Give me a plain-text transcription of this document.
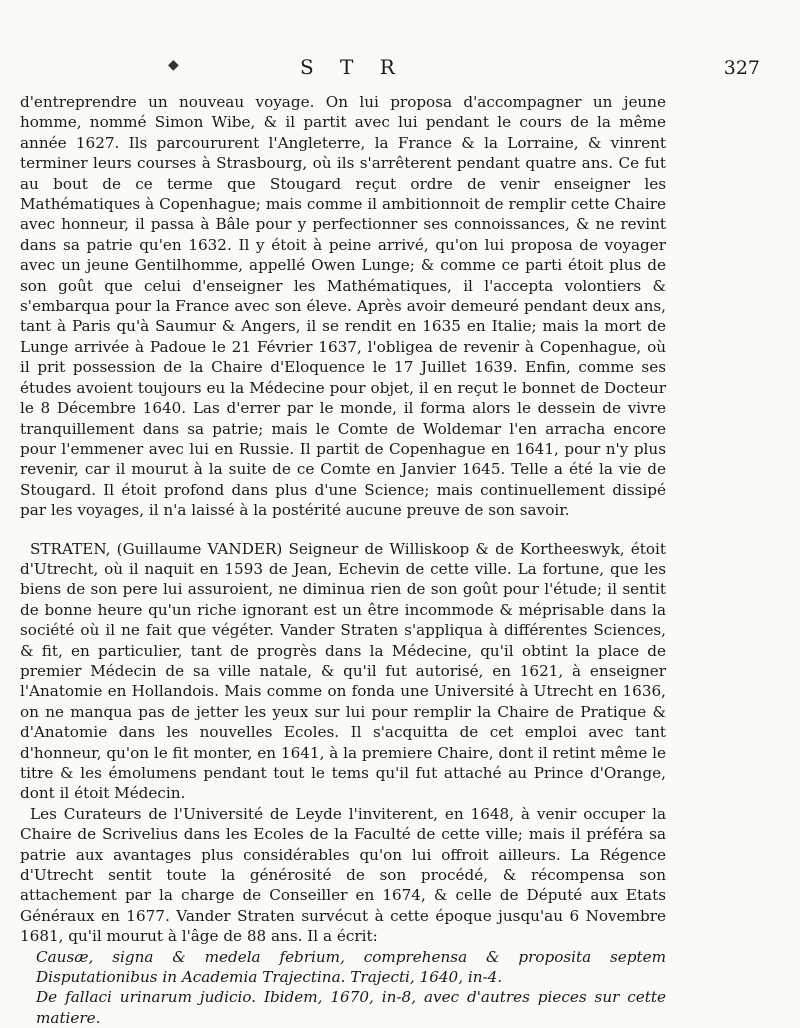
◆	S T R	327

d'entreprendre un nouveau voyage. On lui proposa d'accompagner un jeune homme, nommé Simon Wibe, & il partit avec lui pendant le cours de la même année 1627. Ils parcoururent l'Angleterre, la France & la Lorraine, & vinrent terminer leurs courses à Strasbourg, où ils s'arrêterent pendant quatre ans. Ce fut au bout de ce terme que Stougard reçut ordre de venir enseigner les Mathématiques à Copenhague; mais comme il ambitionnoit de remplir cette Chaire avec honneur, il passa à Bâle pour y perfectionner ses connoissances, & ne revint dans sa patrie qu'en 1632. Il y étoit à peine arrivé, qu'on lui proposa de voyager avec un jeune Gentilhomme, appellé Owen Lunge; & comme ce parti étoit plus de son goût que celui d'enseigner les Mathématiques, il l'accepta volontiers & s'embarqua pour la France avec son éleve. Après avoir demeuré pendant deux ans, tant à Paris qu'à Saumur & Angers, il se rendit en 1635 en Italie; mais la mort de Lunge arrivée à Padoue le 21 Février 1637, l'obligea de revenir à Copenhague, où il prit possession de la Chaire d'Eloquence le 17 Juillet 1639. Enfin, comme ses études avoient toujours eu la Médecine pour objet, il en reçut le bonnet de Docteur le 8 Décembre 1640. Las d'errer par le monde, il forma alors le dessein de vivre tranquillement dans sa patrie; mais le Comte de Woldemar l'en arracha encore pour l'emmener avec lui en Russie. Il partit de Copenhague en 1641, pour n'y plus revenir, car il mourut à la suite de ce Comte en Janvier 1645. Telle a été la vie de Stougard. Il étoit profond dans plus d'une Science; mais continuellement dissipé par les voyages, il n'a laissé à la postérité aucune preuve de son savoir.

STRATEN, (Guillaume VANDER) Seigneur de Williskoop & de Kortheeswyk, étoit d'Utrecht, où il naquit en 1593 de Jean, Echevin de cette ville. La fortune, que les biens de son pere lui assuroient, ne diminua rien de son goût pour l'étude; il sentit de bonne heure qu'un riche ignorant est un être incommode & méprisable dans la société où il ne fait que végéter. Vander Straten s'appliqua à différentes Sciences, & fit, en particulier, tant de progrès dans la Médecine, qu'il obtint la place de premier Médecin de sa ville natale, & qu'il fut autorisé, en 1621, à enseigner l'Anatomie en Hollandois. Mais comme on fonda une Université à Utrecht en 1636, on ne manqua pas de jetter les yeux sur lui pour remplir la Chaire de Pratique & d'Anatomie dans les nouvelles Ecoles. Il s'acquitta de cet emploi avec tant d'honneur, qu'on le fit monter, en 1641, à la premiere Chaire, dont il retint même le titre & les émolumens pendant tout le tems qu'il fut attaché au Prince d'Orange, dont il étoit Médecin.

Les Curateurs de l'Université de Leyde l'inviterent, en 1648, à venir occuper la Chaire de Scrivelius dans les Ecoles de la Faculté de cette ville; mais il préféra sa patrie aux avantages plus considérables qu'on lui offroit ailleurs. La Régence d'Utrecht sentit toute la générosité de son procédé, & récompensa son attachement par la charge de Conseiller en 1674, & celle de Député aux Etats Généraux en 1677. Vander Straten survécut à cette époque jusqu'au 6 Novembre 1681, qu'il mourut à l'âge de 88 ans. Il a écrit:

Causæ, signa & medela febrium, comprehensa & proposita septem Disputationibus in Academia Trajectina. Trajecti, 1640, in-4.

De fallaci urinarum judicio. Ibidem, 1670, in-8, avec d'autres pieces sur cette matiere.
